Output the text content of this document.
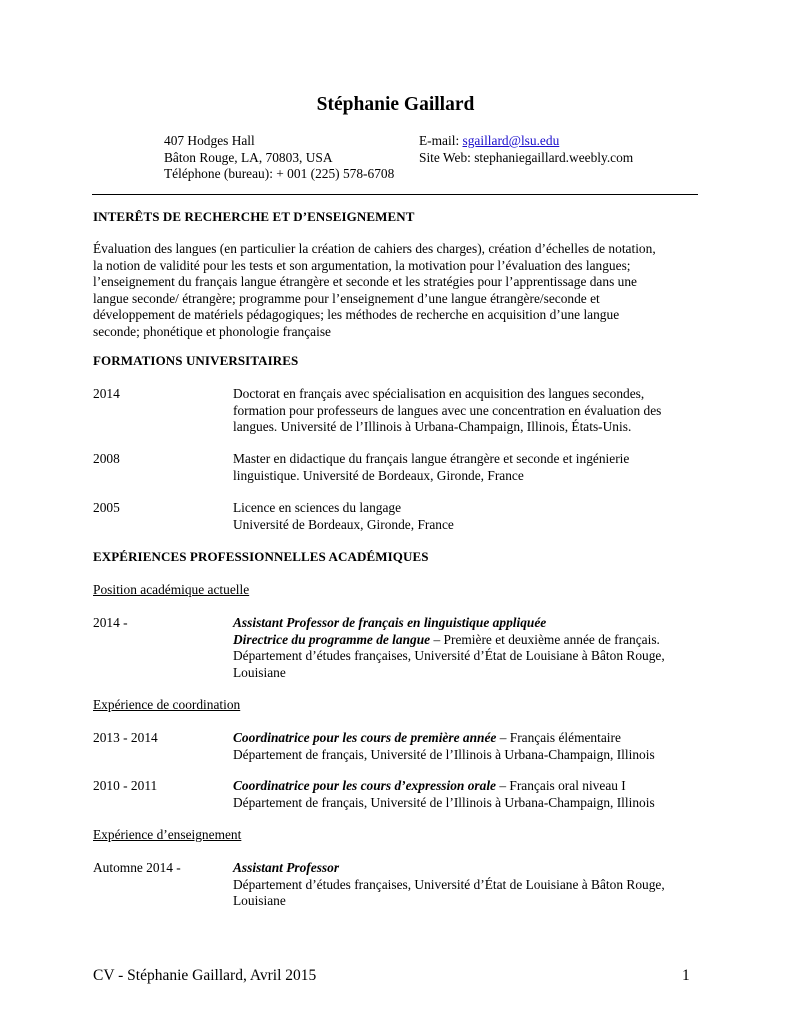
Stéphanie Gaillard
407 Hodges Hall
Bâton Rouge, LA, 70803, USA
Téléphone (bureau): + 001 (225) 578-6708
E-mail: sgaillard@lsu.edu
Site Web: stephaniegaillard.weebly.com
INTERÊTS DE RECHERCHE ET D’ENSEIGNEMENT
Évaluation des langues (en particulier la création de cahiers des charges), création d’échelles de notation,
la notion de validité pour les tests et son argumentation, la motivation pour l’évaluation des langues;
l’enseignement du français langue étrangère et seconde et les stratégies pour l’apprentissage dans une
langue seconde/ étrangère; programme pour l’enseignement d’une langue étrangère/seconde et
développement de matériels pédagogiques; les méthodes de recherche en acquisition d’une langue
seconde; phonétique et phonologie française
FORMATIONS UNIVERSITAIRES
2014	Doctorat en français avec spécialisation en acquisition des langues secondes,
formation pour professeurs de langues avec une concentration en évaluation des
langues. Université de l’Illinois à Urbana-Champaign, Illinois, États-Unis.
2008	Master en didactique du français langue étrangère et seconde et ingénierie
linguistique. Université de Bordeaux, Gironde, France
2005	Licence en sciences du langage
Université de Bordeaux, Gironde, France
EXPÉRIENCES PROFESSIONNELLES ACADÉMIQUES
Position académique actuelle
2014 -	Assistant Professor de français en linguistique appliquée
Directrice du programme de langue – Première et deuxième année de français.
Département d’études françaises, Université d’État de Louisiane à Bâton Rouge,
Louisiane
Expérience de coordination
2013 - 2014	Coordinatrice pour les cours de première année – Français élémentaire
Département de français, Université de l’Illinois à Urbana-Champaign, Illinois
2010 - 2011	Coordinatrice pour les cours d’expression orale – Français oral niveau I
Département de français, Université de l’Illinois à Urbana-Champaign, Illinois
Expérience d’enseignement
Automne 2014 -	Assistant Professor
Département d’études françaises, Université d’État de Louisiane à Bâton Rouge,
Louisiane
CV - Stéphanie Gaillard, Avril 2015	1
